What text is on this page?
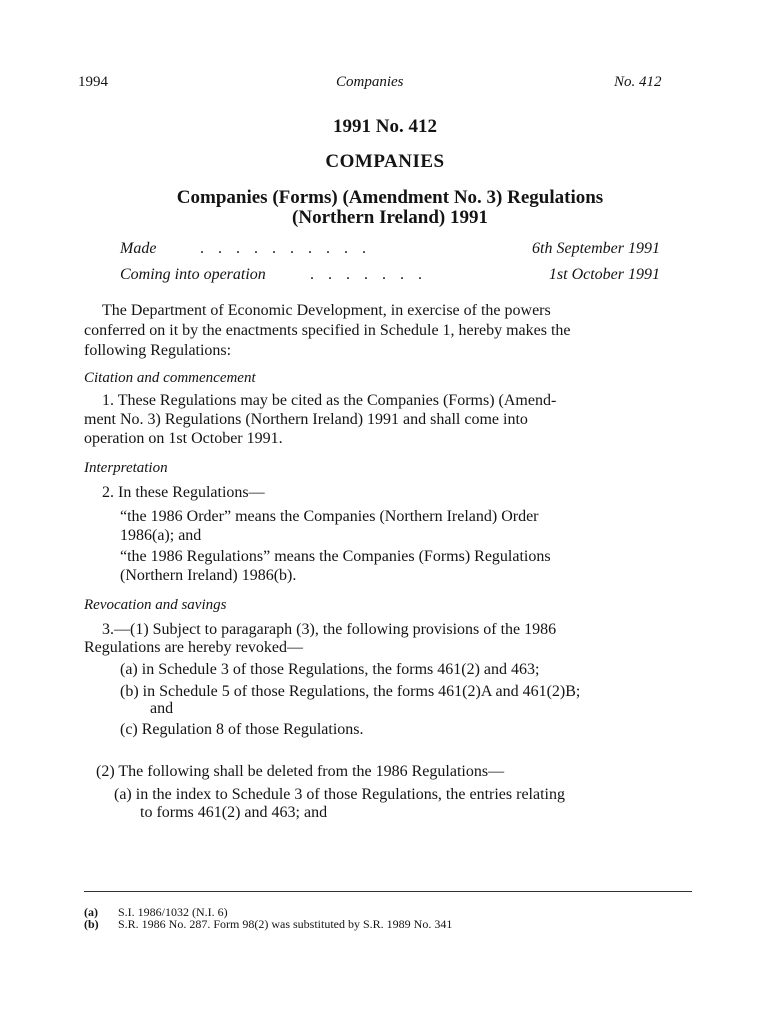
1994	Companies	No. 412
1991 No. 412
COMPANIES
Companies (Forms) (Amendment No. 3) Regulations
(Northern Ireland) 1991
Made	..........	6th September 1991
Coming into operation	.......	1st October 1991
The Department of Economic Development, in exercise of the powers
conferred on it by the enactments specified in Schedule 1, hereby makes the
following Regulations:
Citation and commencement
1. These Regulations may be cited as the Companies (Forms) (Amend-
ment No. 3) Regulations (Northern Ireland) 1991 and shall come into
operation on 1st October 1991.
Interpretation
2. In these Regulations—
“the 1986 Order” means the Companies (Northern Ireland) Order
1986(a); and
“the 1986 Regulations” means the Companies (Forms) Regulations
(Northern Ireland) 1986(b).
Revocation and savings
3.—(1) Subject to paragaraph (3), the following provisions of the 1986
Regulations are hereby revoked—
(a) in Schedule 3 of those Regulations, the forms 461(2) and 463;
(b) in Schedule 5 of those Regulations, the forms 461(2)A and 461(2)B;
and
(c) Regulation 8 of those Regulations.
(2) The following shall be deleted from the 1986 Regulations—
(a) in the index to Schedule 3 of those Regulations, the entries relating
to forms 461(2) and 463; and
(a) S.I. 1986/1032 (N.I. 6)
(b) S.R. 1986 No. 287. Form 98(2) was substituted by S.R. 1989 No. 341
